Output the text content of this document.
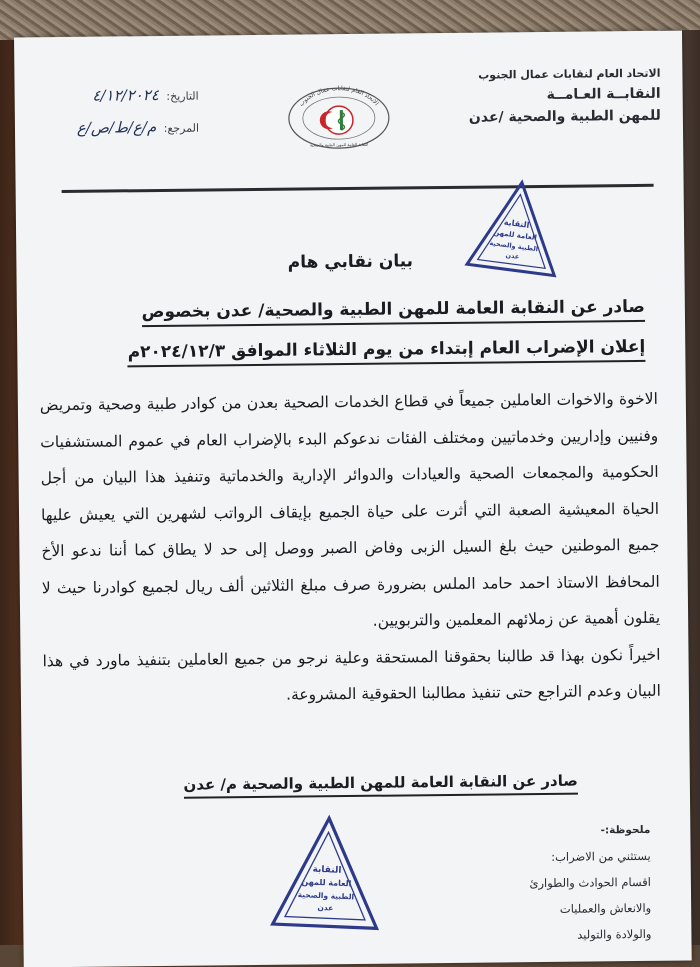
الاتحاد العام لنقابات عمال الجنوب
النقابــة العـامــة
للمهن الطبية والصحية /عدن
الاتحاد العام لنقابات عمال الجنوب
النقابة العامة للمهن الطبية والصحية
التاريخ: ٤/١٢/٢٠٢٤
المرجع: م/ع/ط/ص/ع
النقابة
العامة للمهن
الطبية والصحية
عدن
بيان نقابي هام
صادر عن النقابة العامة للمهن الطبية والصحية/ عدن بخصوص
إعلان الإضراب العام إبتداء من يوم الثلاثاء الموافق ٢٠٢٤/١٢/٣م

الاخوة والاخوات العاملين جميعاً في قطاع الخدمات الصحية بعدن من كوادر طبية وصحية وتمريض وفنيين وإداريين وخدماتيين ومختلف الفئات ندعوكم البدء بالإضراب العام في عموم المستشفيات الحكومية والمجمعات الصحية والعيادات والدوائر الإدارية والخدماتية وتنفيذ هذا البيان من أجل الحياة المعيشية الصعبة التي أثرت على حياة الجميع بإيقاف الرواتب لشهرين التي يعيش عليها جميع الموطنين حيث بلغ السيل الزبى وفاض الصبر ووصل إلى حد لا يطاق كما أننا ندعو الأخ المحافظ الاستاذ احمد حامد الملس بضرورة صرف مبلغ الثلاثين ألف ريال لجميع كوادرنا حيث لا يقلون أهمية عن زملائهم المعلمين والتربويين.

اخيراً نكون بهذا قد طالبنا بحقوقنا المستحقة وعلية نرجو من جميع العاملين بتنفيذ ماورد في هذا البيان وعدم التراجع حتى تنفيذ مطالبنا الحقوقية المشروعة.

صادر عن النقابة العامة للمهن الطبية والصحية م/ عدن
ملحوظة:-
يستثني من الاضراب:
اقسام الحوادث والطوارئ
والانعاش والعمليات
والولادة والتوليد
النقابة
العامة للمهن
الطبية والصحية
عدن
